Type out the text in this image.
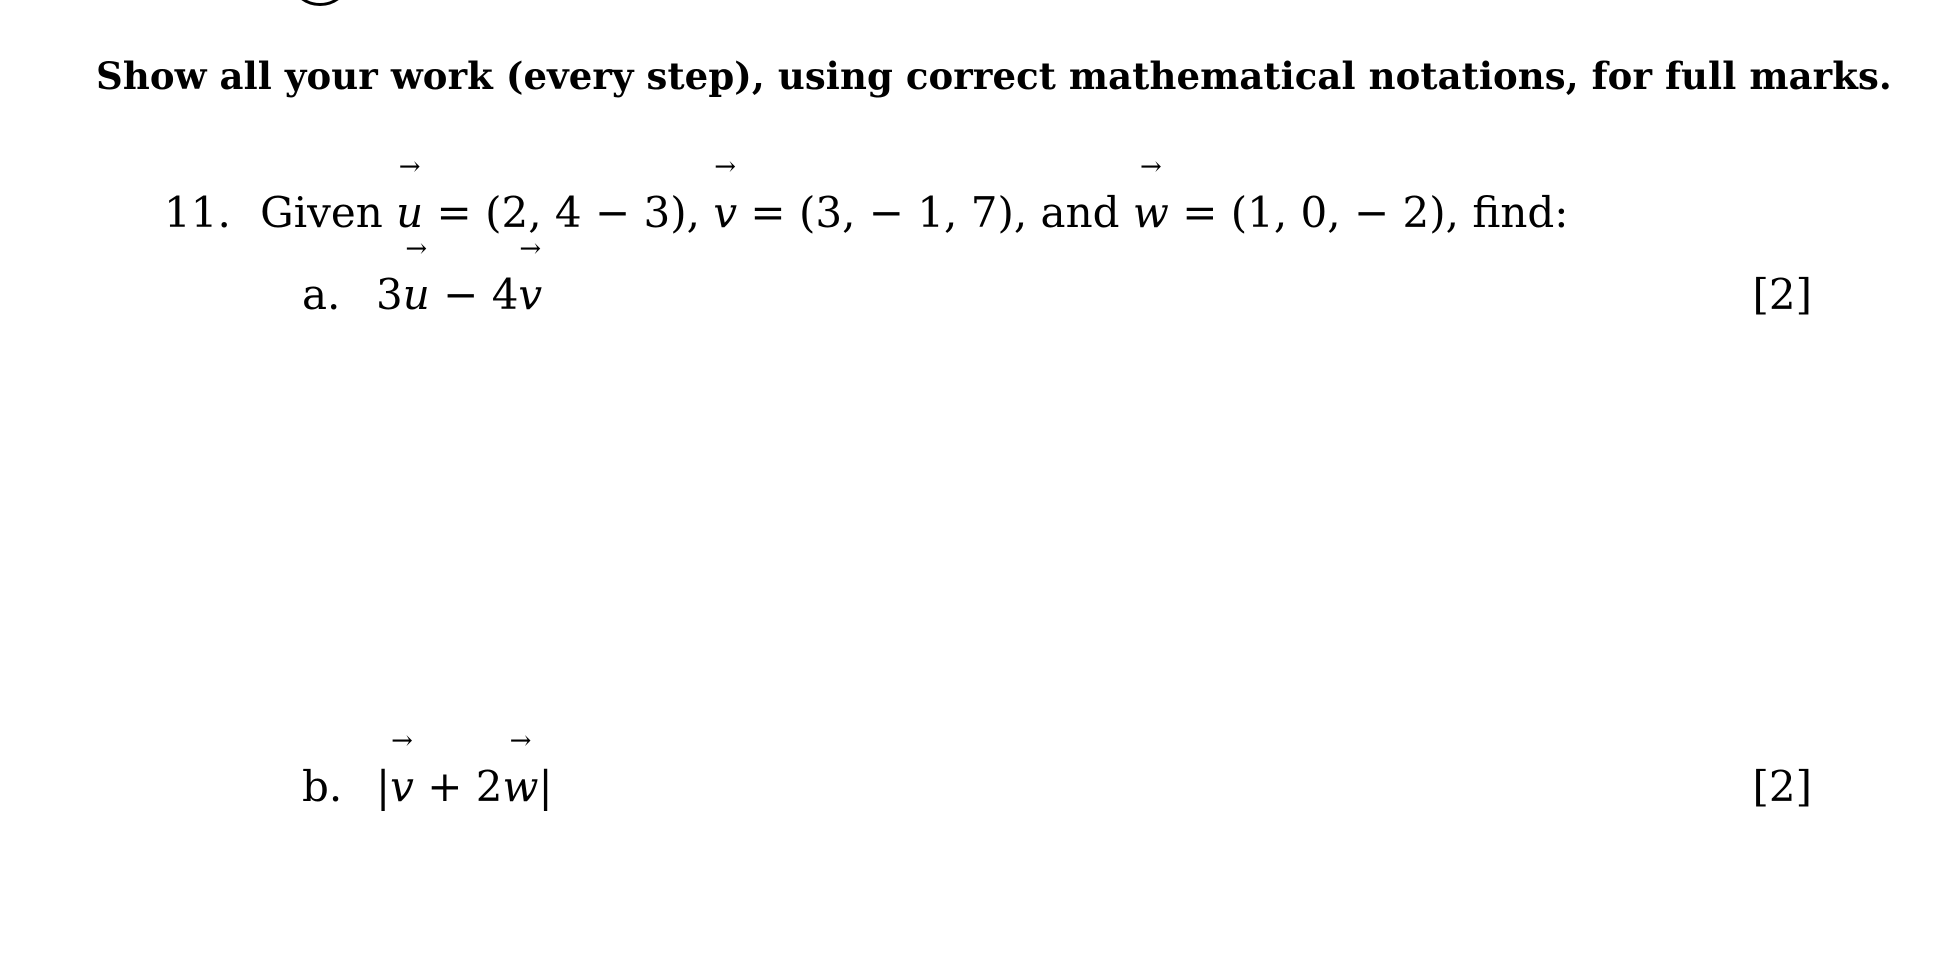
Show all your work (every step), using correct mathematical notations, for full marks.
11. Given
→
u = (2, 4 − 3),
→
v = (3, − 1, 7), and
→
w = (1, 0, − 2), find:
a. 3
→
u − 4
→
v	[2]
b. |
→
v + 2
→
w|	[2]
